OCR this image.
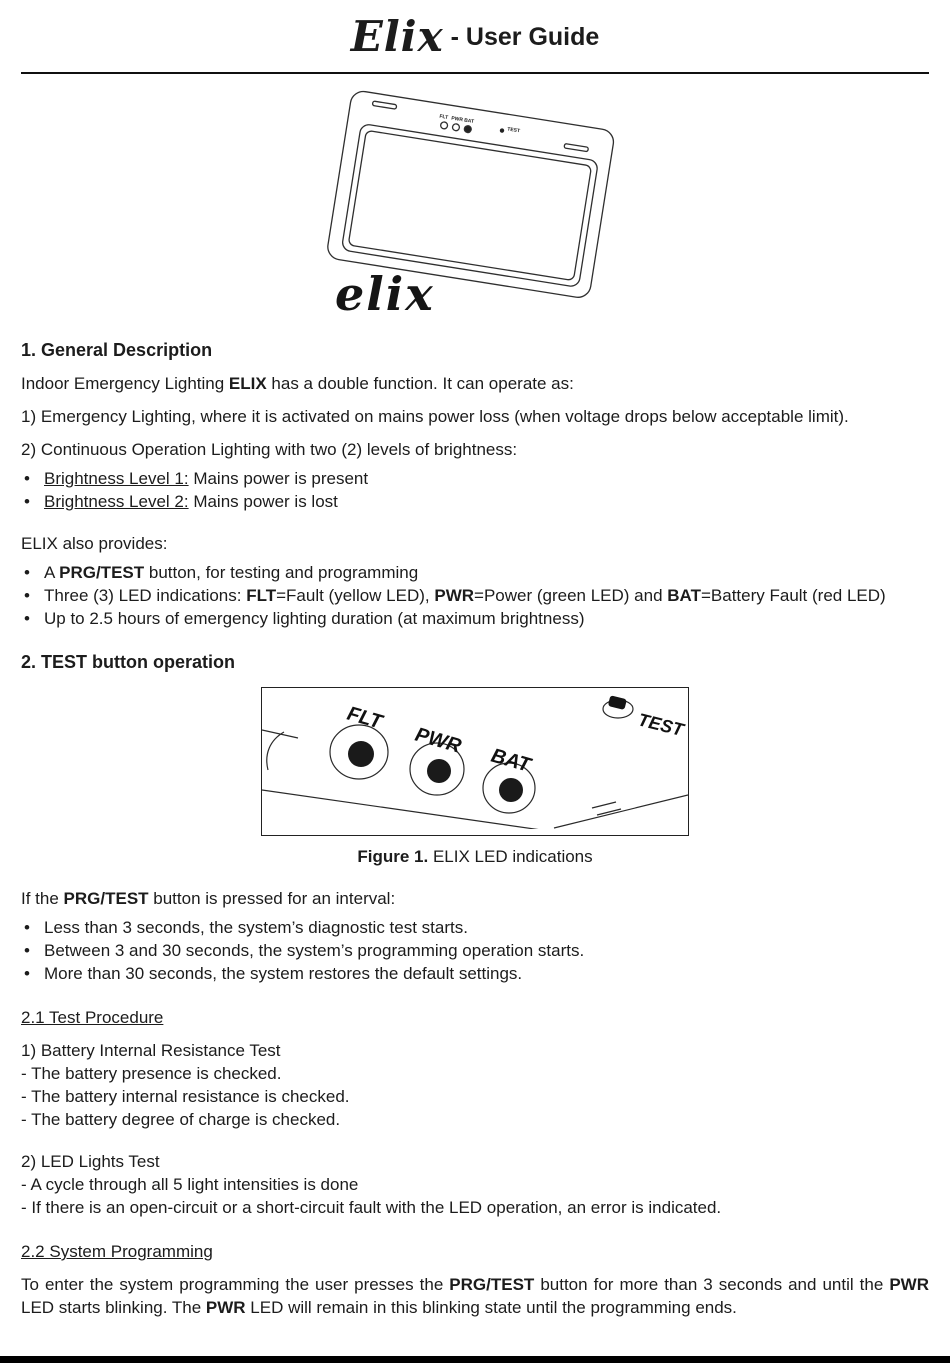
Elix - User Guide
FLT PWR BAT
TEST
elix
1. General Description

Indoor Emergency Lighting ELIX has a double function. It can operate as:

1) Emergency Lighting, where it is activated on mains power loss (when voltage drops below acceptable limit).

2) Continuous Operation Lighting with two (2) levels of brightness:

• Brightness Level 1: Mains power is present
• Brightness Level 2: Mains power is lost

ELIX also provides:

• A PRG/TEST button, for testing and programming
• Three (3) LED indications: FLT=Fault (yellow LED), PWR=Power (green LED) and BAT=Battery Fault (red LED)
• Up to 2.5 hours of emergency lighting duration (at maximum brightness)
2. TEST button operation
FLT
PWR
BAT
TEST

Figure 1. ELIX LED indications

If the PRG/TEST button is pressed for an interval:

• Less than 3 seconds, the system’s diagnostic test starts.
• Between 3 and 30 seconds, the system’s programming operation starts.
• More than 30 seconds, the system restores the default settings.

2.1 Test Procedure

1) Battery Internal Resistance Test

- The battery presence is checked.

- The battery internal resistance is checked.

- The battery degree of charge is checked.

2) LED Lights Test

- A cycle through all 5 light intensities is done

- If there is an open-circuit or a short-circuit fault with the LED operation, an error is indicated.

2.2 System Programming

To enter the system programming the user presses the PRG/TEST button for more than 3 seconds and until the PWR LED starts blinking. The PWR LED will remain in this blinking state until the programming ends.
